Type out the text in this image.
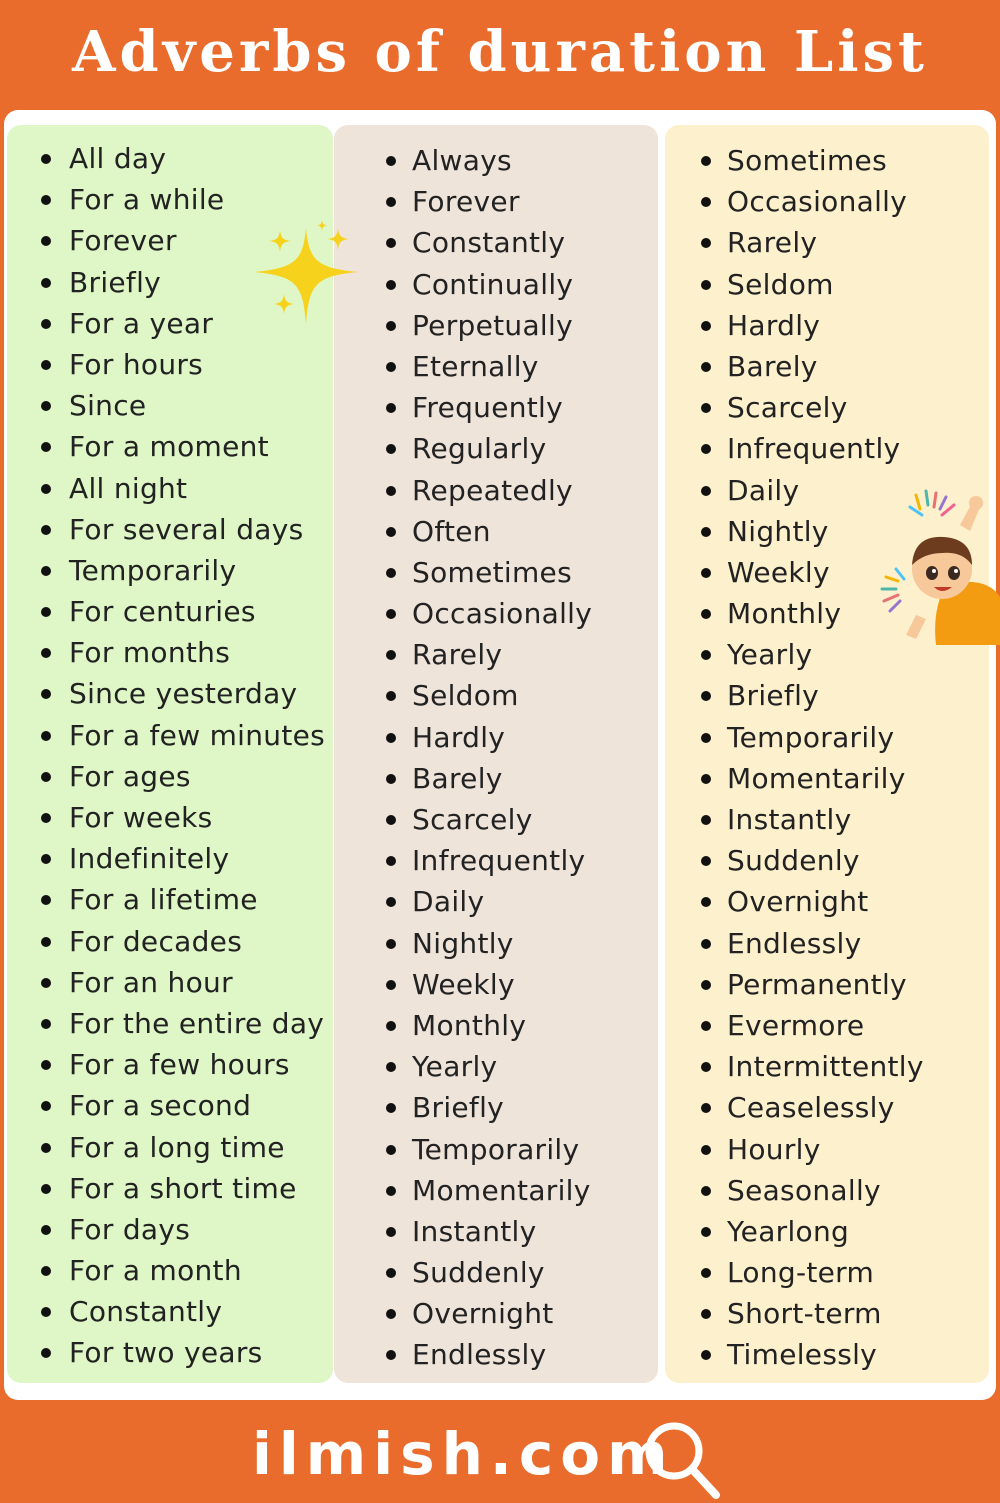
Adverbs of duration List
All day
For a while
Forever
Briefly
For a year
For hours
Since
For a moment
All night
For several days
Temporarily
For centuries
For months
Since yesterday
For a few minutes
For ages
For weeks
Indefinitely
For a lifetime
For decades
For an hour
For the entire day
For a few hours
For a second
For a long time
For a short time
For days
For a month
Constantly
For two years
Always
Forever
Constantly
Continually
Perpetually
Eternally
Frequently
Regularly
Repeatedly
Often
Sometimes
Occasionally
Rarely
Seldom
Hardly
Barely
Scarcely
Infrequently
Daily
Nightly
Weekly
Monthly
Yearly
Briefly
Temporarily
Momentarily
Instantly
Suddenly
Overnight
Endlessly
Sometimes
Occasionally
Rarely
Seldom
Hardly
Barely
Scarcely
Infrequently
Daily
Nightly
Weekly
Monthly
Yearly
Briefly
Temporarily
Momentarily
Instantly
Suddenly
Overnight
Endlessly
Permanently
Evermore
Intermittently
Ceaselessly
Hourly
Seasonally
Yearlong
Long-term
Short-term
Timelessly
ilmish.com
